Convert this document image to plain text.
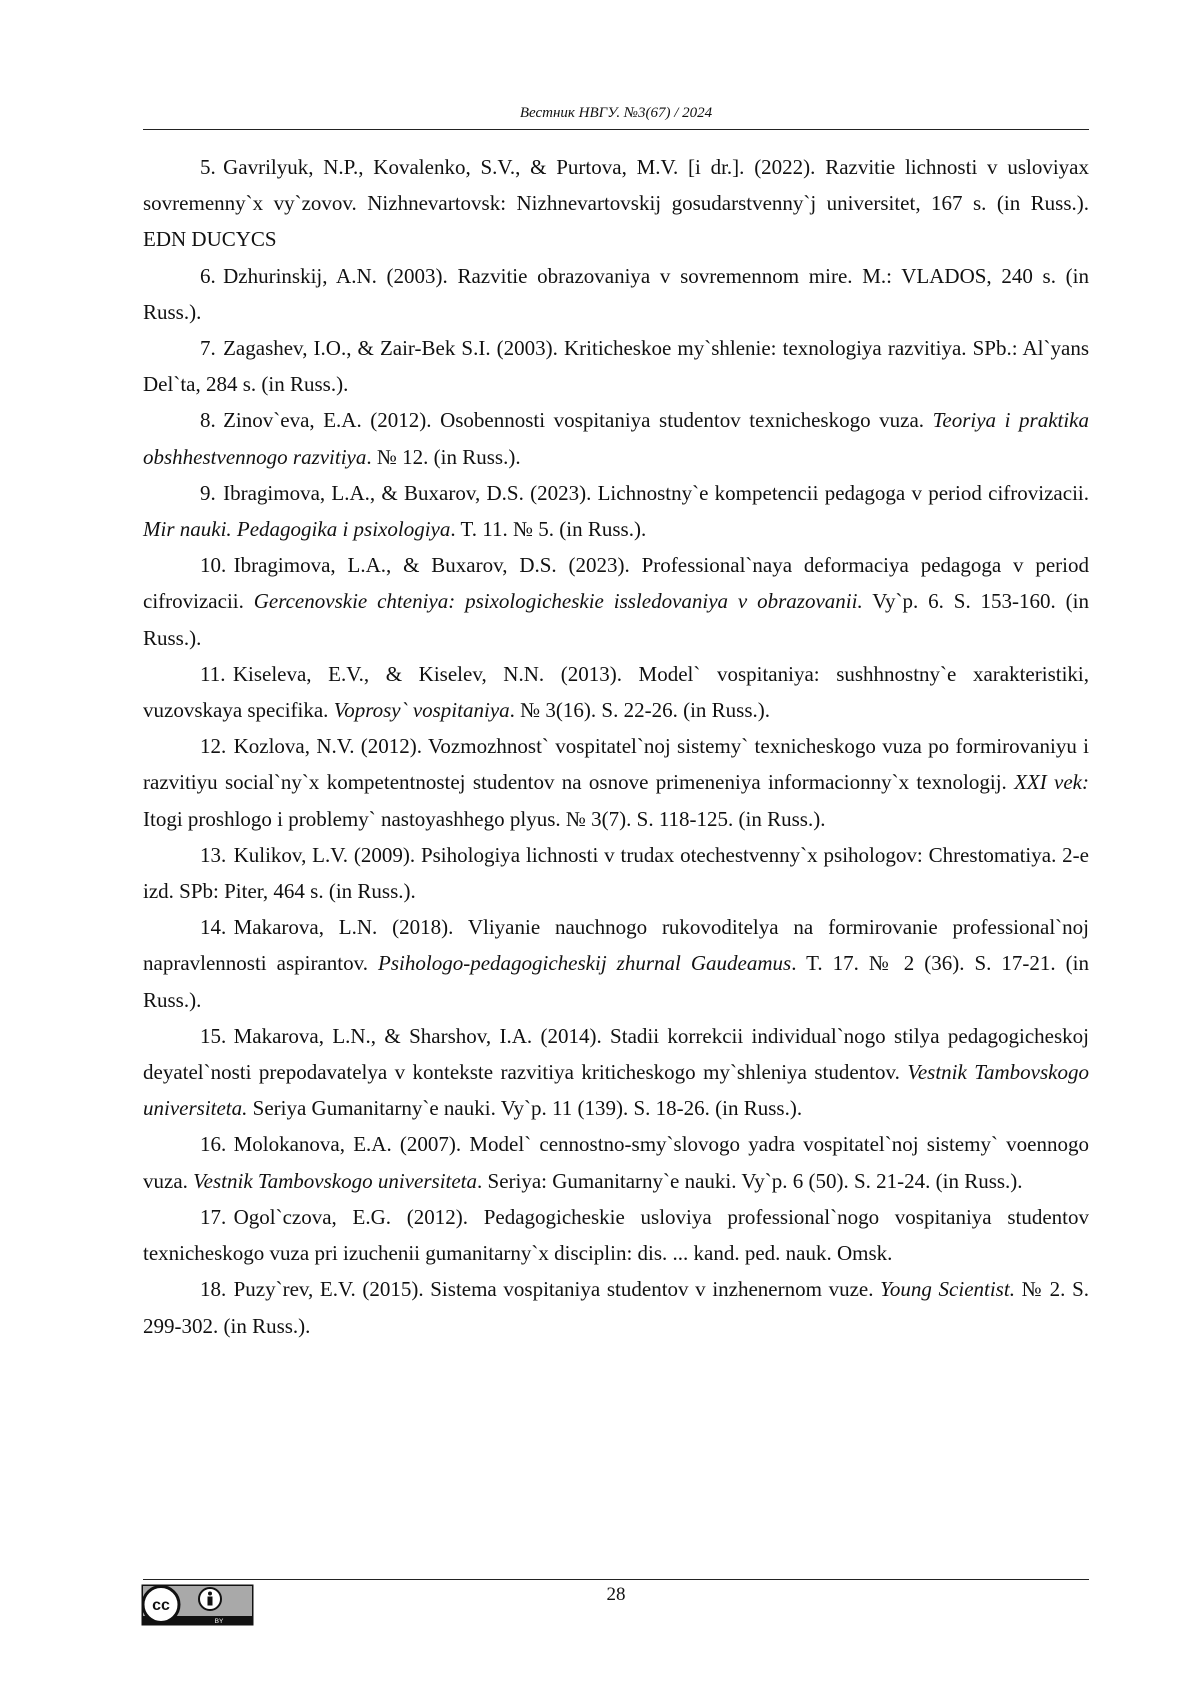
Вестник НВГУ. №3(67) / 2024

5. Gavrilyuk, N.P., Kovalenko, S.V., & Purtova, M.V. [i dr.]. (2022). Razvitie lichnosti v usloviyax sovremenny`x vy`zovov. Nizhnevartovsk: Nizhnevartovskij gosudarstvenny`j universitet, 167 s. (in Russ.). EDN DUCYCS

6. Dzhurinskij, A.N. (2003). Razvitie obrazovaniya v sovremennom mire. M.: VLADOS, 240 s. (in Russ.).

7. Zagashev, I.O., & Zair-Bek S.I. (2003). Kriticheskoe my`shlenie: texnologiya razvitiya. SPb.: Al`yans Del`ta, 284 s. (in Russ.).

8. Zinov`eva, E.A. (2012). Osobennosti vospitaniya studentov texnicheskogo vuza. Teoriya i praktika obshhestvennogo razvitiya. № 12. (in Russ.).

9. Ibragimova, L.A., & Buxarov, D.S. (2023). Lichnostny`e kompetencii pedagoga v period cifrovizacii. Mir nauki. Pedagogika i psixologiya. T. 11. № 5. (in Russ.).

10. Ibragimova, L.A., & Buxarov, D.S. (2023). Professional`naya deformaciya pedagoga v period cifrovizacii. Gercenovskie chteniya: psixologicheskie issledovaniya v obrazovanii. Vy`p. 6. S. 153-160. (in Russ.).

11. Kiseleva, E.V., & Kiselev, N.N. (2013). Model` vospitaniya: sushhnostny`e xarakteristiki, vuzovskaya specifika. Voprosy` vospitaniya. № 3(16). S. 22-26. (in Russ.).

12. Kozlova, N.V. (2012). Vozmozhnost` vospitatel`noj sistemy` texnicheskogo vuza po formirovaniyu i razvitiyu social`ny`x kompetentnostej studentov na osnove primeneniya informacionny`x texnologij. XXI vek: Itogi proshlogo i problemy` nastoyashhego plyus. № 3(7). S. 118-125. (in Russ.).

13. Kulikov, L.V. (2009). Psihologiya lichnosti v trudax otechestvenny`x psihologov: Chrestomatiya. 2-e izd. SPb: Piter, 464 s. (in Russ.).

14. Makarova, L.N. (2018). Vliyanie nauchnogo rukovoditelya na formirovanie professional`noj napravlennosti aspirantov. Psihologo-pedagogicheskij zhurnal Gaudeamus. T. 17. № 2 (36). S. 17-21. (in Russ.).

15. Makarova, L.N., & Sharshov, I.A. (2014). Stadii korrekcii individual`nogo stilya pedagogicheskoj deyatel`nosti prepodavatelya v kontekste razvitiya kriticheskogo my`shleniya studentov. Vestnik Tambovskogo universiteta. Seriya Gumanitarny`e nauki. Vy`p. 11 (139). S. 18-26. (in Russ.).

16. Molokanova, E.A. (2007). Model` cennostno-smy`slovogo yadra vospitatel`noj sistemy` voennogo vuza. Vestnik Tambovskogo universiteta. Seriya: Gumanitarny`e nauki. Vy`p. 6 (50). S. 21-24. (in Russ.).

17. Ogol`czova, E.G. (2012). Pedagogicheskie usloviya professional`nogo vospitaniya studentov texnicheskogo vuza pri izuchenii gumanitarny`x disciplin: dis. ... kand. ped. nauk. Omsk.

18. Puzy`rev, E.V. (2015). Sistema vospitaniya studentov v inzhenernom vuze. Young Scientist. № 2. S. 299-302. (in Russ.).

cc
BY
28
